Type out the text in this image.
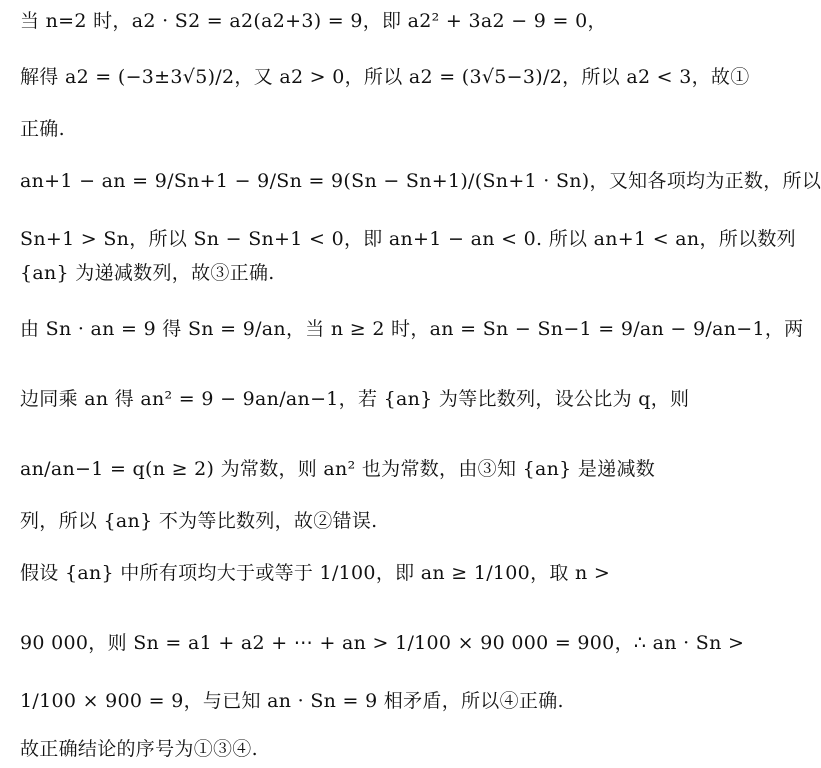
当 n=2 时，a2 · S2 = a2(a2+3) = 9，即 a2² + 3a2 − 9 = 0，
解得 a2 = (−3±3√5)/2，又 a2 > 0，所以 a2 = (3√5−3)/2，所以 a2 < 3，故①
正确.
an+1 − an = 9/Sn+1 − 9/Sn = 9(Sn − Sn+1)/(Sn+1 · Sn)，又知各项均为正数，所以
Sn+1 > Sn，所以 Sn − Sn+1 < 0，即 an+1 − an < 0. 所以 an+1 < an，所以数列
{an} 为递减数列，故③正确.
由 Sn · an = 9 得 Sn = 9/an，当 n ≥ 2 时，an = Sn − Sn−1 = 9/an − 9/an−1，两
边同乘 an 得 an² = 9 − 9an/an−1，若 {an} 为等比数列，设公比为 q，则
an/an−1 = q(n ≥ 2) 为常数，则 an² 也为常数，由③知 {an} 是递减数
列，所以 {an} 不为等比数列，故②错误.
假设 {an} 中所有项均大于或等于 1/100，即 an ≥ 1/100，取 n >
90 000，则 Sn = a1 + a2 + ⋯ + an > 1/100 × 90 000 = 900，∴ an · Sn >
1/100 × 900 = 9，与已知 an · Sn = 9 相矛盾，所以④正确.
故正确结论的序号为①③④.
